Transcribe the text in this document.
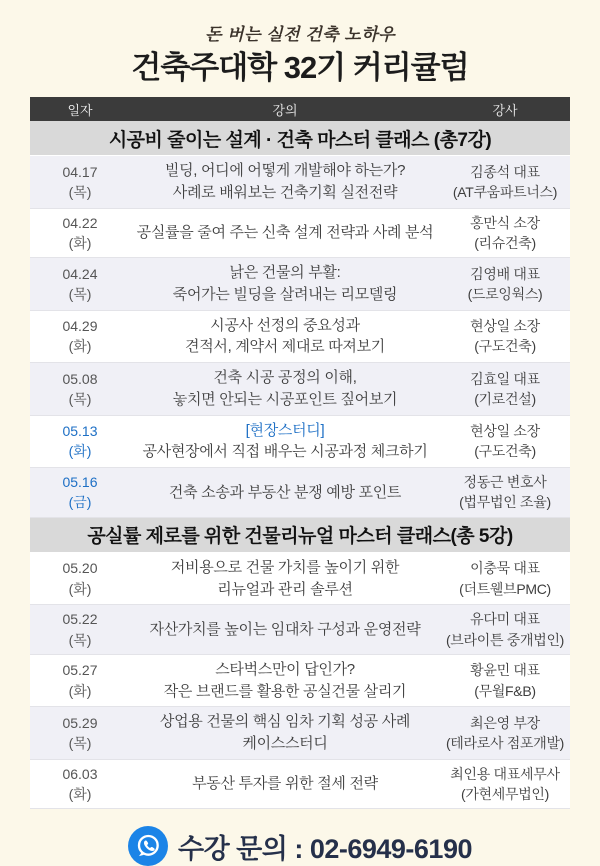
돈 버는 실전 건축 노하우
건축주대학 32기 커리큘럼
일자	강의	강사
시공비 줄이는 설계 · 건축 마스터 클래스 (총7강)
04.17
(목)
빌딩, 어디에 어떻게 개발해야 하는가?
사례로 배워보는 건축기획 실전전략
김종석 대표
(AT쿠움파트너스)
04.22
(화)
공실률을 줄여 주는 신축 설계 전략과 사례 분석
홍만식 소장
(리슈건축)
04.24
(목)
낡은 건물의 부활:
죽어가는 빌딩을 살려내는 리모델링
김영배 대표
(드로잉웍스)
04.29
(화)
시공사 선정의 중요성과
견적서, 계약서 제대로 따져보기
현상일 소장
(구도건축)
05.08
(목)
건축 시공 공정의 이해,
놓치면 안되는 시공포인트 짚어보기
김효일 대표
(기로건설)
05.13
(화)
[현장스터디]
공사현장에서 직접 배우는 시공과정 체크하기
현상일 소장
(구도건축)
05.16
(금)
건축 소송과 부동산 분쟁 예방 포인트
정동근 변호사
(법무법인 조율)
공실률 제로를 위한 건물리뉴얼 마스터 클래스(총 5강)
05.20
(화)
저비용으로 건물 가치를 높이기 위한
리뉴얼과 관리 솔루션
이충묵 대표
(더트웰브PMC)
05.22
(목)
자산가치를 높이는 임대차 구성과 운영전략
유다미 대표
(브라이튼 중개법인)
05.27
(화)
스타벅스만이 답인가?
작은 브랜드를 활용한 공실건물 살리기
황윤민 대표
(무월F&B)
05.29
(목)
상업용 건물의 핵심 임차 기획 성공 사례
케이스스터디
최은영 부장
(테라로사 점포개발)
06.03
(화)
부동산 투자를 위한 절세 전략
최인용 대표세무사
(가현세무법인)
수강 문의 : 02-6949-6190
